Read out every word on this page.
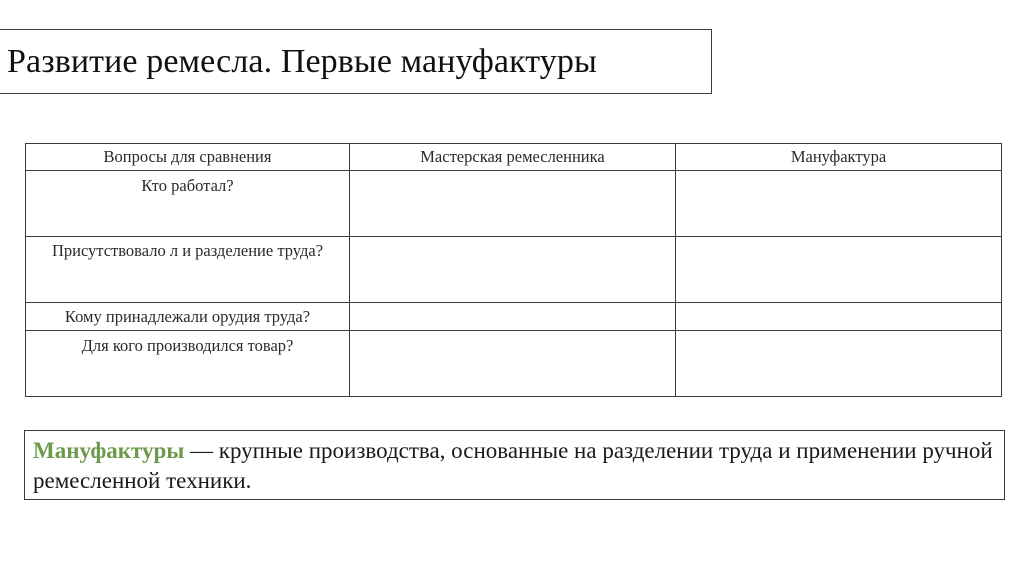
Развитие ремесла. Первые мануфактуры
Вопросы для сравнения	Мастерская ремесленника	Мануфактура
Кто работал?		
Присутствовало л и разделение труда?		
Кому принадлежали орудия труда?		
Для кого производился товар?		
Мануфактуры — крупные производства, основанные на разделении труда и применении ручной ремесленной техники.
